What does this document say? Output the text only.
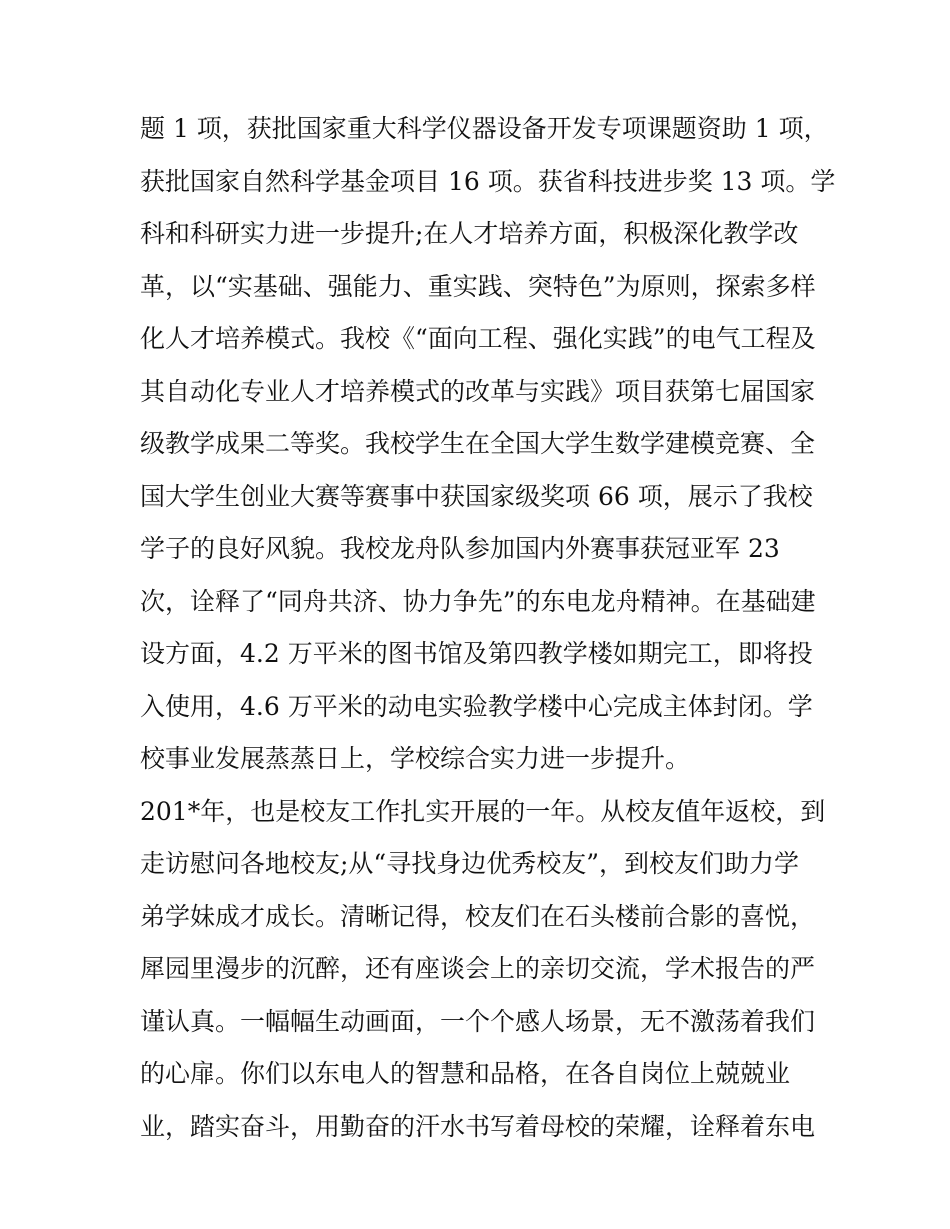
题 1 项，获批国家重大科学仪器设备开发专项课题资助 1 项，
获批国家自然科学基金项目 16 项。获省科技进步奖 13 项。学
科和科研实力进一步提升;在人才培养方面，积极深化教学改
革，以“实基础、强能力、重实践、突特色”为原则，探索多样
化人才培养模式。我校《“面向工程、强化实践”的电气工程及
其自动化专业人才培养模式的改革与实践》项目获第七届国家
级教学成果二等奖。我校学生在全国大学生数学建模竞赛、全
国大学生创业大赛等赛事中获国家级奖项 66 项，展示了我校
学子的良好风貌。我校龙舟队参加国内外赛事获冠亚军 23
次，诠释了“同舟共济、协力争先”的东电龙舟精神。在基础建
设方面，4.2 万平米的图书馆及第四教学楼如期完工，即将投
入使用，4.6 万平米的动电实验教学楼中心完成主体封闭。学
校事业发展蒸蒸日上，学校综合实力进一步提升。
201*年，也是校友工作扎实开展的一年。从校友值年返校，到
走访慰问各地校友;从“寻找身边优秀校友”，到校友们助力学
弟学妹成才成长。清晰记得，校友们在石头楼前合影的喜悦，
犀园里漫步的沉醉，还有座谈会上的亲切交流，学术报告的严
谨认真。一幅幅生动画面，一个个感人场景，无不激荡着我们
的心扉。你们以东电人的智慧和品格，在各自岗位上兢兢业
业，踏实奋斗，用勤奋的汗水书写着母校的荣耀，诠释着东电
